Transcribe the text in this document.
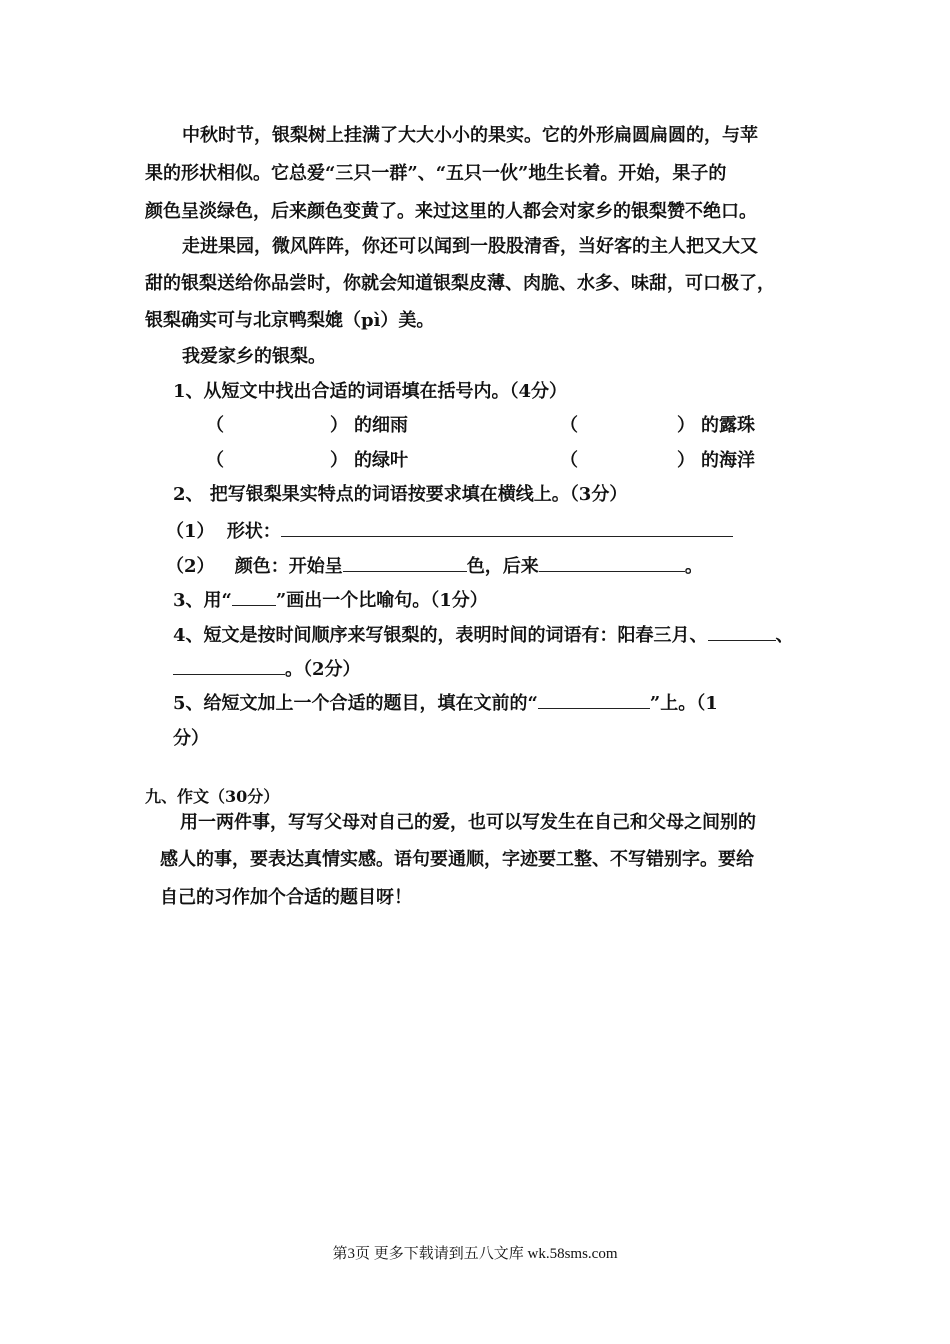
中秋时节，银梨树上挂满了大大小小的果实。它的外形扁圆扁圆的，与苹
果的形状相似。它总爱“三只一群”、“五只一伙”地生长着。开始，果子的
颜色呈淡绿色，后来颜色变黄了。来过这里的人都会对家乡的银梨赞不绝口。
走进果园，微风阵阵，你还可以闻到一股股清香，当好客的主人把又大又
甜的银梨送给你品尝时，你就会知道银梨皮薄、肉脆、水多、味甜，可口极了，
银梨确实可与北京鸭梨媲（pì）美。
我爱家乡的银梨。
1、从短文中找出合适的词语填在括号内。（4分）
（	） 的细雨	（	） 的露珠
（	） 的绿叶	（	） 的海洋
2、 把写银梨果实特点的词语按要求填在横线上。（3分）
（1） 形状：
（2） 颜色：开始呈	色，后来	。
3、用“ ”画出一个比喻句。（1分）
4、短文是按时间顺序来写银梨的，表明时间的词语有：阳春三月、	、
。（2分）
5、给短文加上一个合适的题目，填在文前的“	”上。（1
分）
九、作文（30分）
用一两件事，写写父母对自己的爱，也可以写发生在自己和父母之间别的
感人的事，要表达真情实感。语句要通顺，字迹要工整、不写错别字。要给
自己的习作加个合适的题目呀！
第3页 更多下载请到五八文库 wk.58sms.com
